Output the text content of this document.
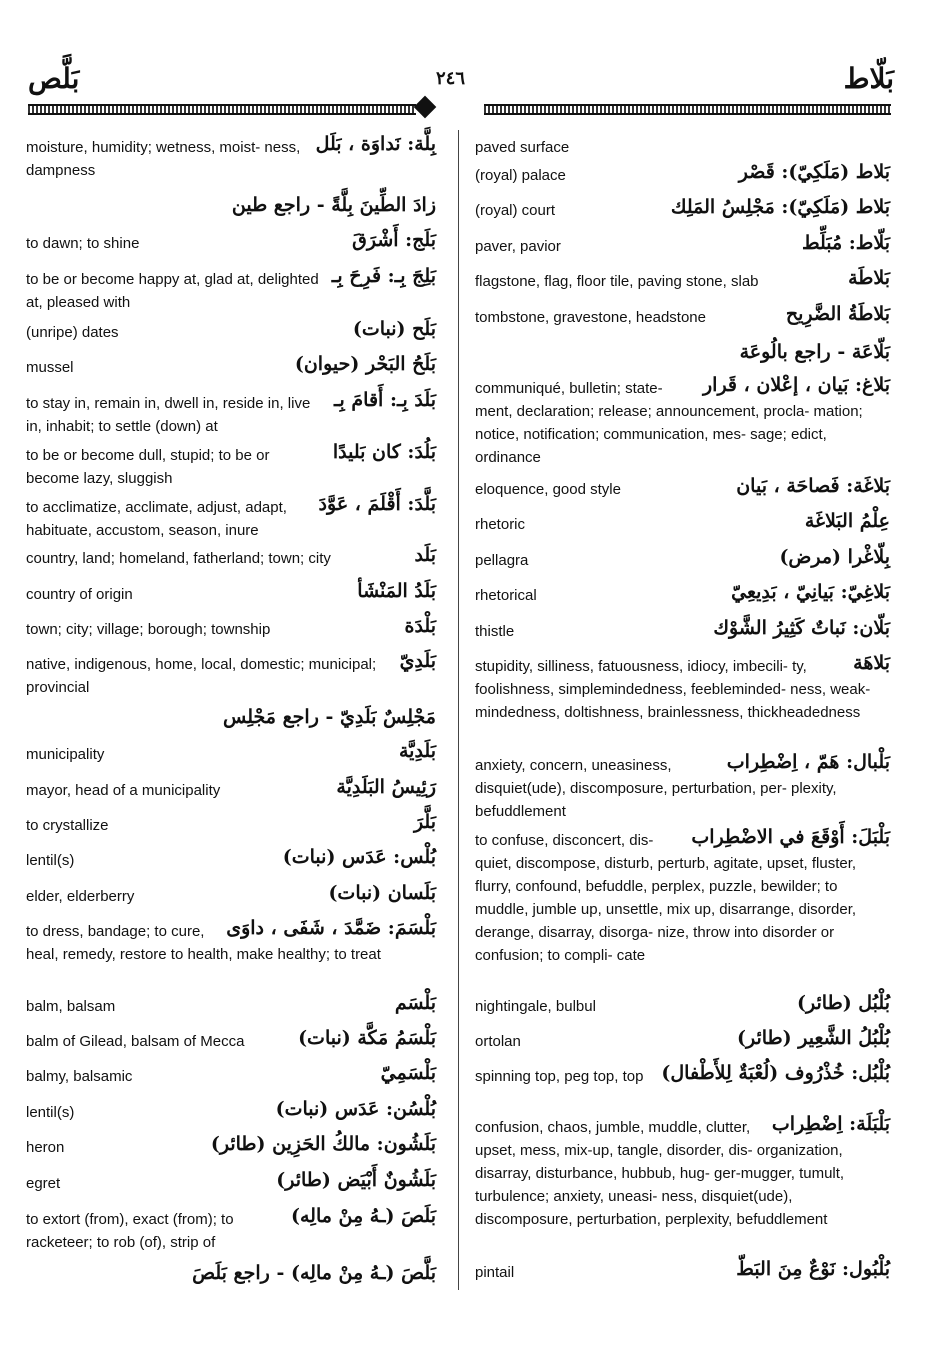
بَلَّص	٢٤٦	بَلّاط
بِلَّة: نَداوَة ، بَلَل
moisture, humidity; wetness, moist- ness, dampness
زادَ الطِّينَ بِلَّةً - راجع طين
بَلَج: أَشْرَقَ
to dawn; to shine
بَلِجَ بِـ: فَرِحَ بِـ
to be or become happy at, glad at, delighted at, pleased with
بَلَح (نبات)
(unripe) dates
بَلَحُ البَحْر (حيوان)
mussel
بَلَدَ بِـ: أَقامَ بِـ
to stay in, remain in, dwell in, reside in, live in, inhabit; to settle (down) at
بَلُدَ: كان بَليدًا
to be or become dull, stupid; to be or become lazy, sluggish
بَلَّدَ: أَقْلَمَ ، عَوَّدَ
to acclimatize, acclimate, adjust, adapt, habituate, accustom, season, inure
بَلَد
country, land; homeland, fatherland; town; city
بَلَدُ المَنْشَأ
country of origin
بَلْدَة
town; city; village; borough; township
بَلَدِيّ
native, indigenous, home, local, domestic; municipal; provincial
مَجْلِسٌ بَلَدِيّ - راجع مَجْلِس
بَلَدِيَّة
municipality
رَئِيسُ البَلَدِيَّة
mayor, head of a municipality
بَلَّرَ
to crystallize
بُلْس: عَدَس (نبات)
lentil(s)
بَلَسان (نبات)
elder, elderberry
بَلْسَمَ: ضَمَّدَ ، شَفَى ، داوَى
to dress, bandage; to cure, heal, remedy, restore to health, make healthy; to treat
بَلْسَم
balm, balsam
بَلْسَمُ مَكَّة (نبات)
balm of Gilead, balsam of Mecca
بَلْسَمِيّ
balmy, balsamic
بُلْسُن: عَدَس (نبات)
lentil(s)
بَلَشُون: مالكُ الحَزِين (طائر)
heron
بَلَشُونٌ أَبْيَض (طائر)
egret
بَلَصَ (ـهُ مِنْ مالِه)
to extort (from), exact (from); to racketeer; to rob (of), strip of
بَلَّصَ (ـهُ مِنْ مالِه) - راجع بَلَصَ
paved surface
بَلاط (مَلَكِيّ): قَصْر
(royal) palace
بَلاط (مَلَكِيّ): مَجْلِسُ المَلِك
(royal) court
بَلّاط: مُبَلِّط
paver, pavior
بَلاطَة
flagstone, flag, floor tile, paving stone, slab
بَلاطَةُ الضَّرِيح
tombstone, gravestone, headstone
بَلّاعَة - راجع بالُوعَة
بَلاغ: بَيان ، إعْلان ، قَرار
communiqué, bulletin; state- ment, declaration; release; announcement, procla- mation; notice, notification; communication, mes- sage; edict, ordinance
بَلاغَة: فَصاحَة ، بَيان
eloquence, good style
عِلْمُ البَلاغَة
rhetoric
بِلّاغْرا (مرض)
pellagra
بَلاغِيّ: بَيانِيّ ، بَدِيعِيّ
rhetorical
بَلّان: نَباتٌ كَثِيرُ الشَّوْك
thistle
بَلاهَة
stupidity, silliness, fatuousness, idiocy, imbecili- ty, foolishness, simplemindedness, feebleminded- ness, weak-mindedness, doltishness, brainlessness, thickheadedness
بَلْبال: هَمّ ، اِضْطِراب
anxiety, concern, uneasiness, disquiet(ude), discomposure, perturbation, per- plexity, befuddlement
بَلْبَلَ: أَوْقَعَ في الاضْطِراب
to confuse, disconcert, dis- quiet, discompose, disturb, perturb, agitate, upset, fluster, flurry, confound, befuddle, perplex, puzzle, bewilder; to muddle, jumble up, unsettle, mix up, disarrange, disorder, derange, disarray, disorga- nize, throw into disorder or confusion; to compli- cate
بُلْبُل (طائر)
nightingale, bulbul
بُلْبُلُ الشَّعِير (طائر)
ortolan
بُلْبُل: خُذْرُوف (لُعْبَةٌ لِلأَطْفال)
spinning top, peg top, top
بَلْبَلَة: اِضْطِراب
confusion, chaos, jumble, muddle, clutter, upset, mess, mix-up, tangle, disorder, dis- organization, disarray, disturbance, hubbub, hug- ger-mugger, tumult, turbulence; anxiety, uneasi- ness, disquiet(ude), discomposure, perturbation, perplexity, befuddlement
بُلْبُول: نَوْعٌ مِنَ البَطّ
pintail
